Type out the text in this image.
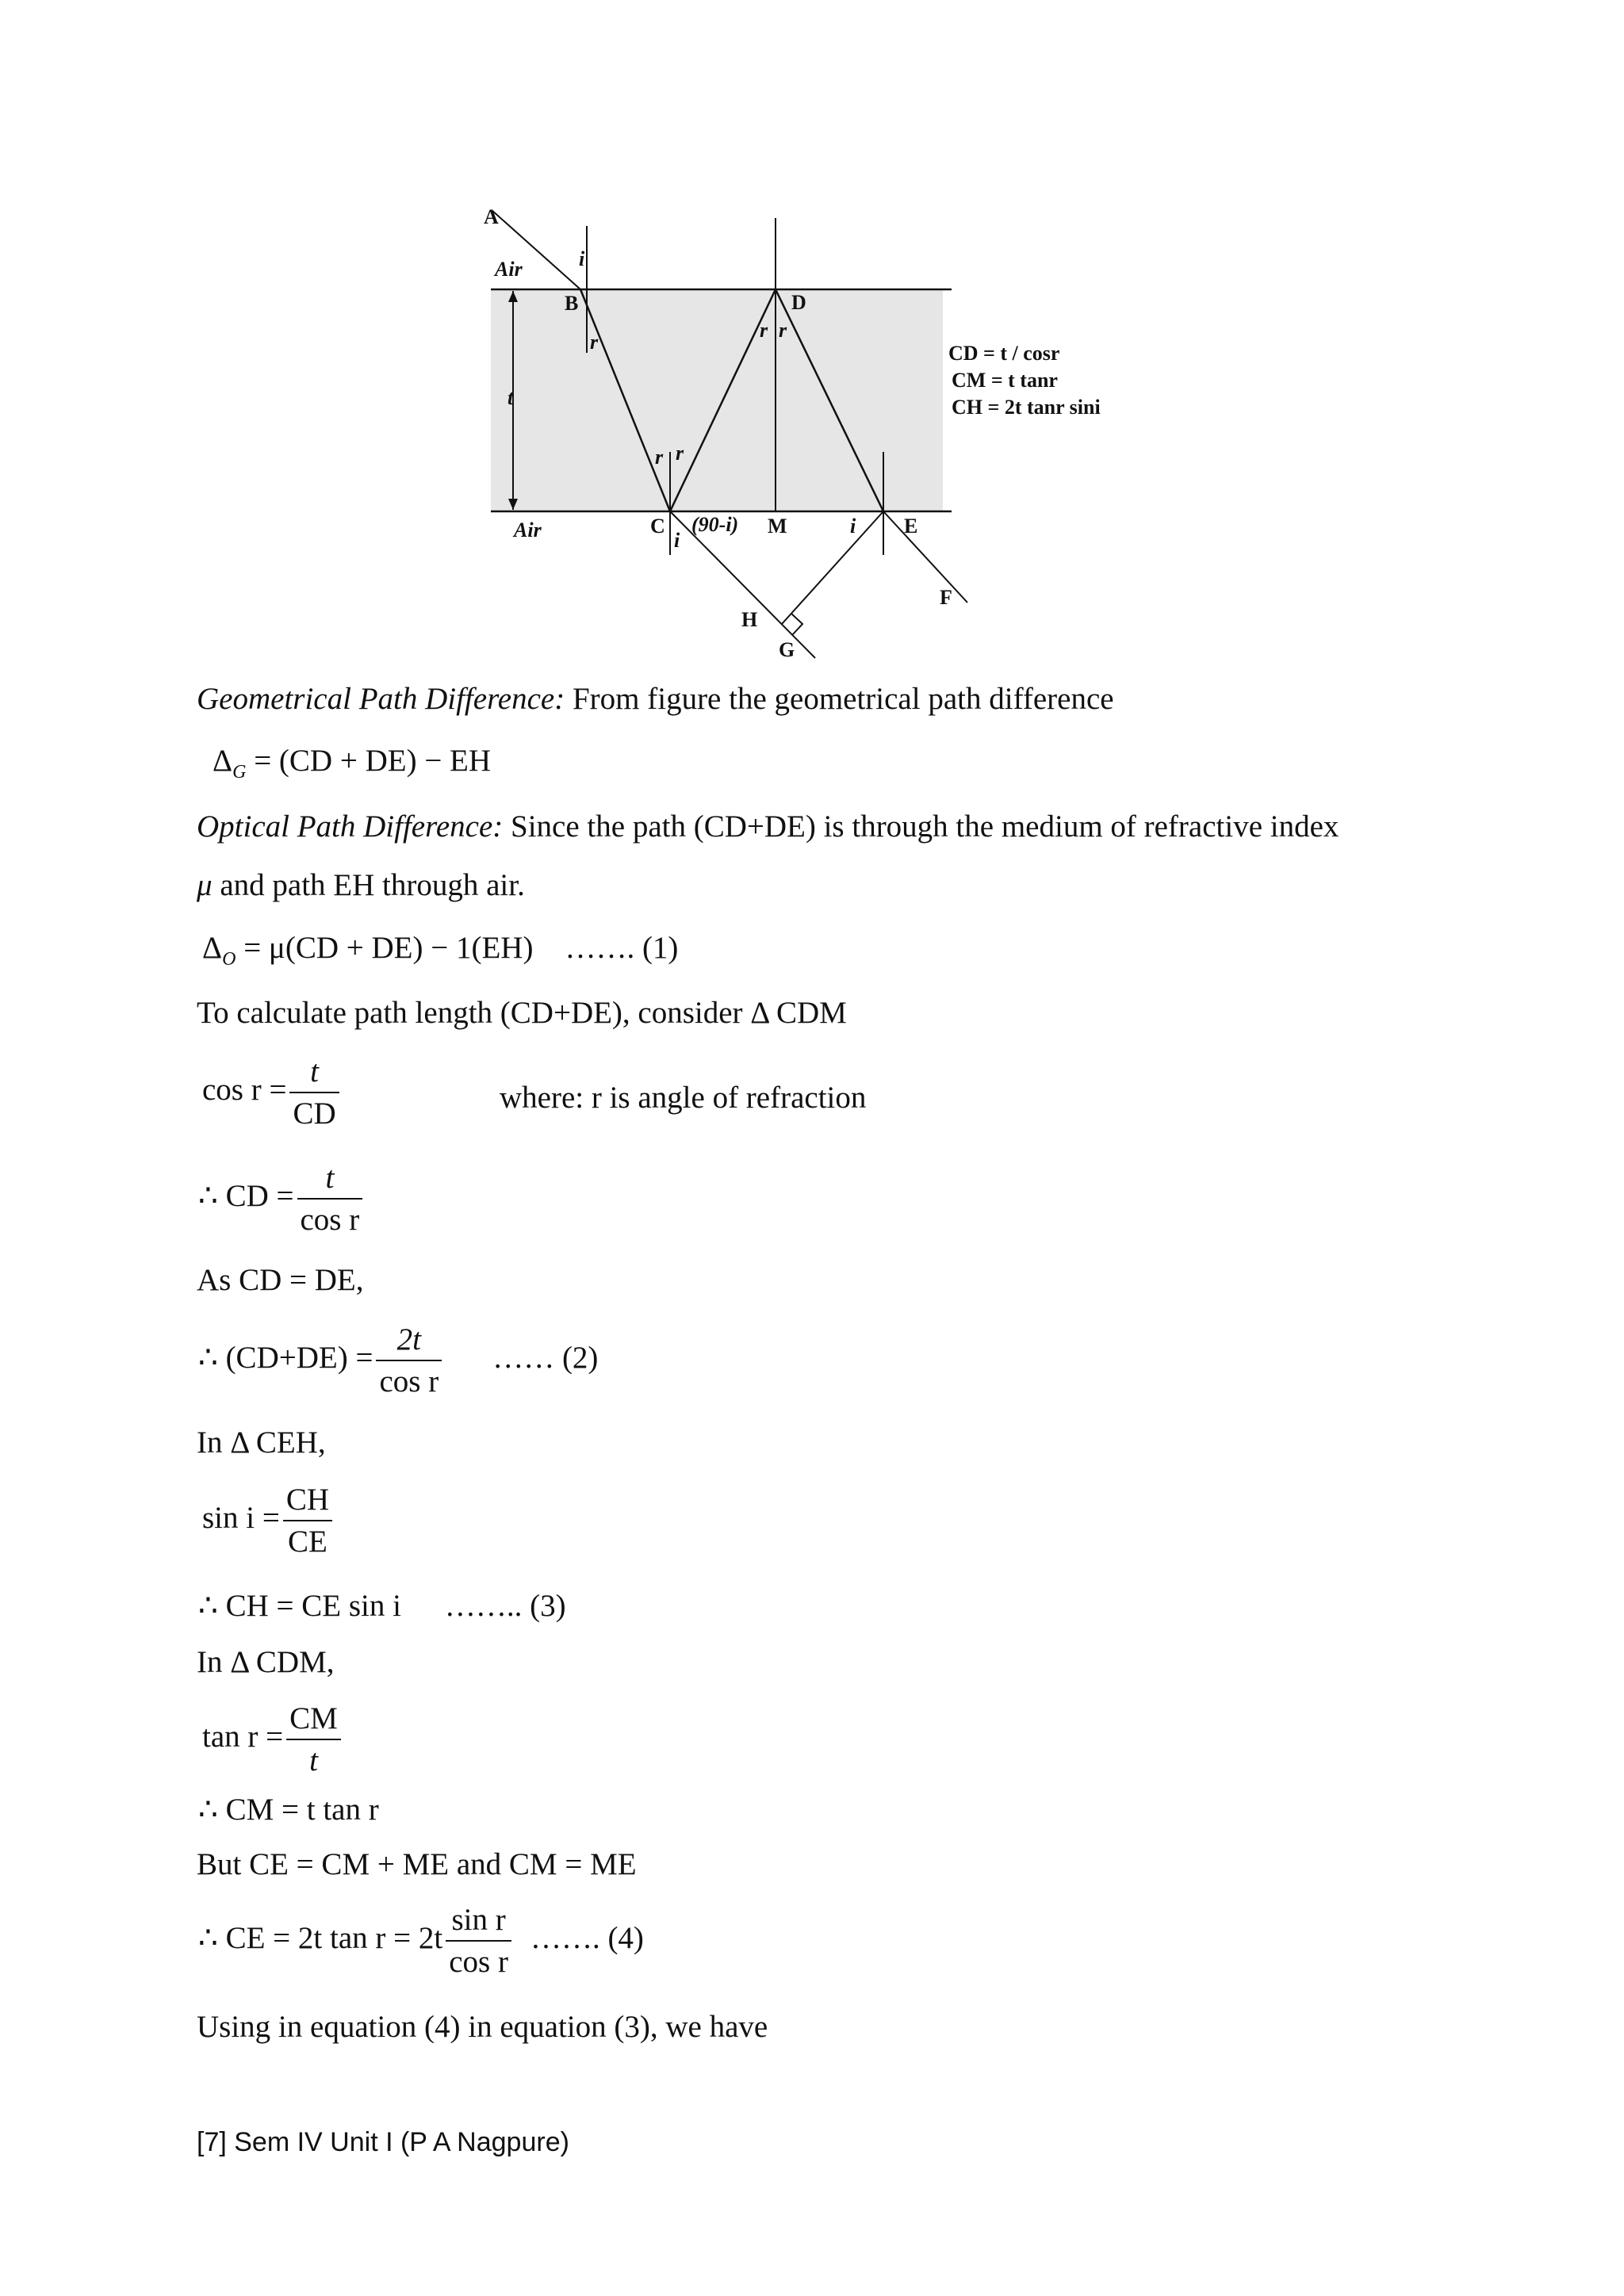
A
B
C
D
E
F
G
H
M
Air
Air
t
i
r
r r
r r
i
(90-i)	i
CD = t / cosr
CM = t tanr
CH = 2t tanr sini
Geometrical Path Difference: From figure the geometrical path difference
$\Delta_G = (CD + DE)$ − EH
Optical Path Difference: Since the path (CD+DE) is through the medium of refractive index
μ and path EH through air.
$\Delta_O = \mu(CD + DE) - 1(EH)$ ……. (1)
To calculate path length (CD+DE), consider Δ CDM
$\cos r = \frac{t}{CD}$	where: r is angle of refraction
∴ CD = $\frac{t}{\text{cos r}}$
As CD = DE,
∴ $(CD+DE) = \frac{2t}{\text{cos r}}$ …… (2)
In Δ CEH,
$\sin i = \frac{CH}{CE}$
∴ CH = CE sin i …….. (3)
In Δ CDM,
$\tan r = \frac{CM}{t}$
∴ CM = t tan r
But CE = CM + ME and CM = ME
∴ CE = 2t $\tan r = 2t \frac{\text{sin r}}{\text{cos r}}$ ……. (4)
Using in equation (4) in equation (3), we have
[7] Sem IV Unit I (P A Nagpure)
